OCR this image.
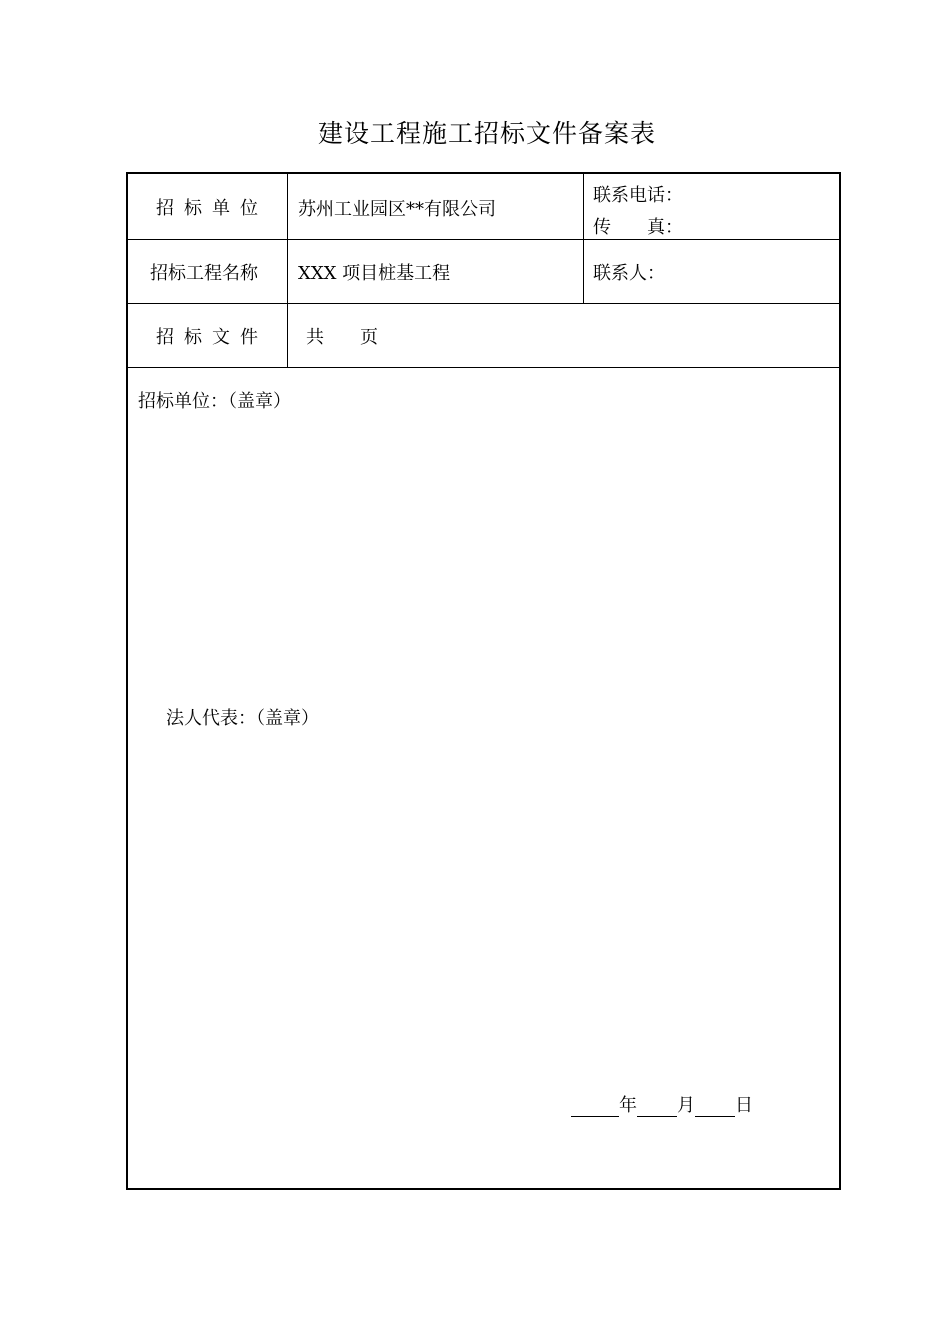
建设工程施工招标文件备案表
招标单位 苏州工业园区**有限公司
联系电话：
传　　真：
招标工程名称 XXX 项目桩基工程	联系人：
招标文件 共　　页
招标单位：（盖章）
法人代表：（盖章）
年 月 日
